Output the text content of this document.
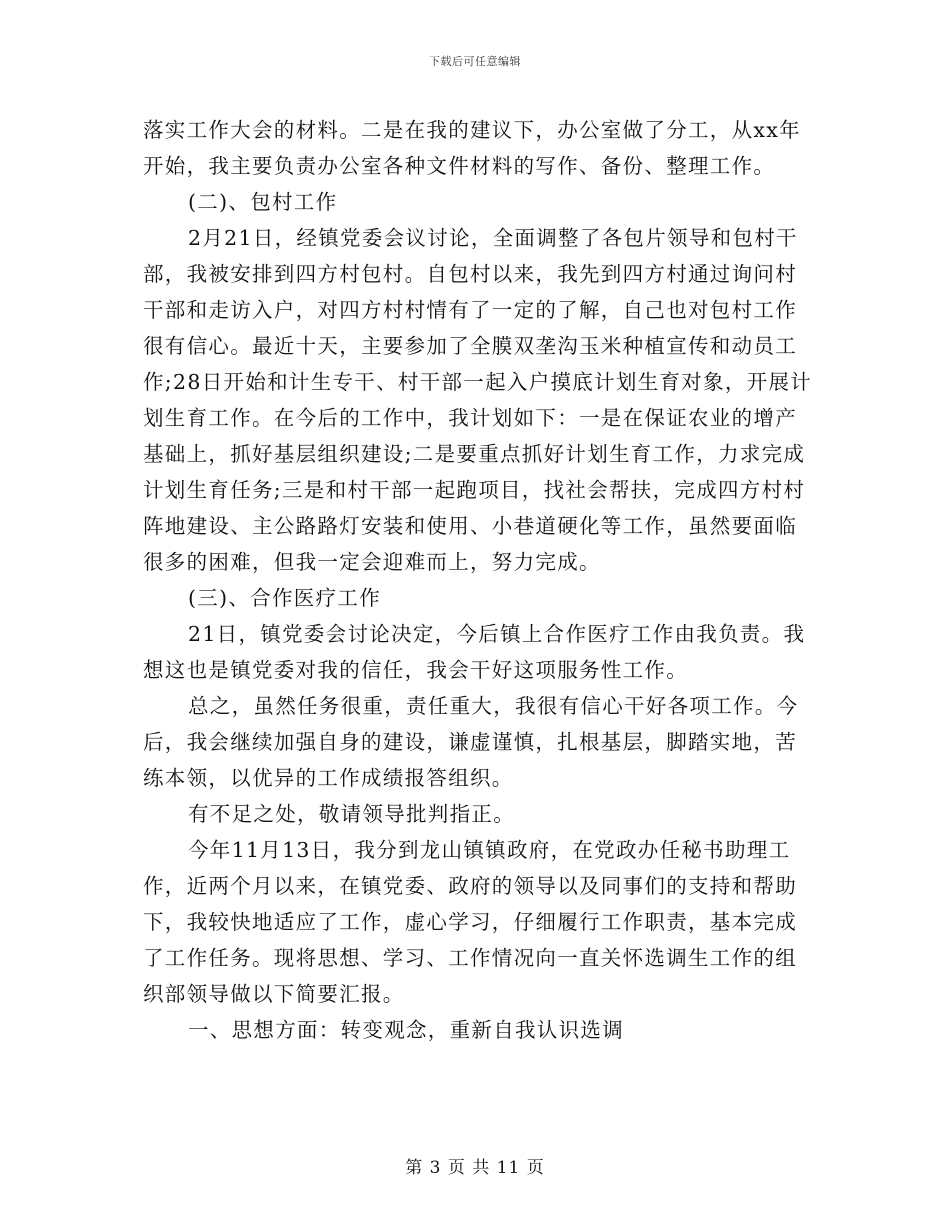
下载后可任意编辑
落实工作大会的材料。二是在我的建议下，办公室做了分工，从xx年
开始，我主要负责办公室各种文件材料的写作、备份、整理工作。
(二)、包村工作
2月21日，经镇党委会议讨论，全面调整了各包片领导和包村干
部，我被安排到四方村包村。自包村以来，我先到四方村通过询问村
干部和走访入户，对四方村村情有了一定的了解，自己也对包村工作
很有信心。最近十天，主要参加了全膜双垄沟玉米种植宣传和动员工
作;28日开始和计生专干、村干部一起入户摸底计划生育对象，开展计
划生育工作。在今后的工作中，我计划如下：一是在保证农业的增产
基础上，抓好基层组织建设;二是要重点抓好计划生育工作，力求完成
计划生育任务;三是和村干部一起跑项目，找社会帮扶，完成四方村村
阵地建设、主公路路灯安装和使用、小巷道硬化等工作，虽然要面临
很多的困难，但我一定会迎难而上，努力完成。
(三)、合作医疗工作
21日，镇党委会讨论决定，今后镇上合作医疗工作由我负责。我
想这也是镇党委对我的信任，我会干好这项服务性工作。
总之，虽然任务很重，责任重大，我很有信心干好各项工作。今
后，我会继续加强自身的建设，谦虚谨慎，扎根基层，脚踏实地，苦
练本领，以优异的工作成绩报答组织。
有不足之处，敬请领导批判指正。
今年11月13日，我分到龙山镇镇政府，在党政办任秘书助理工
作，近两个月以来，在镇党委、政府的领导以及同事们的支持和帮助
下，我较快地适应了工作，虚心学习，仔细履行工作职责，基本完成
了工作任务。现将思想、学习、工作情况向一直关怀选调生工作的组
织部领导做以下简要汇报。
一、思想方面：转变观念，重新自我认识选调
第 3 页 共 11 页
